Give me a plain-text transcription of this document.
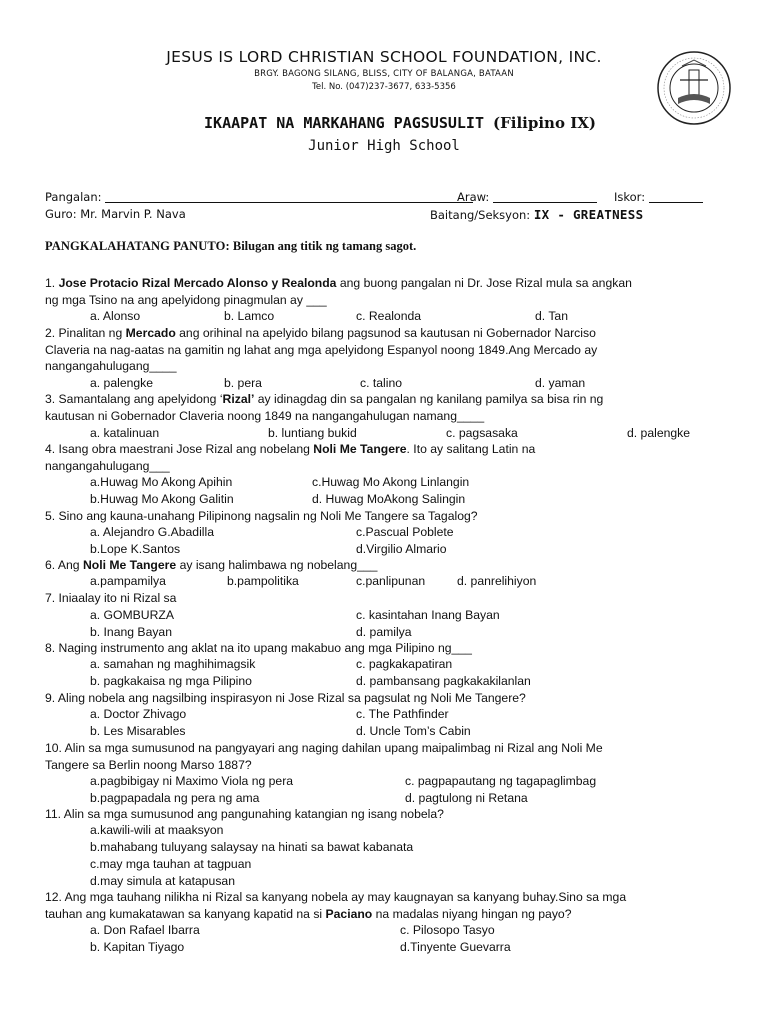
JESUS IS LORD CHRISTIAN SCHOOL FOUNDATION, INC.
BRGY. BAGONG SILANG, BLISS, CITY OF BALANGA, BATAAN
Tel. No. (047)237-3677, 633-5356
IKAAPAT NA MARKAHANG PAGSUSULIT (Filipino IX)
Junior High School
Pangalan:	Araw:	Iskor:
Guro: Mr. Marvin P. Nava	Baitang/Seksyon: IX - GREATNESS
PANGKALAHATANG PANUTO: Bilugan ang titik ng tamang sagot.
1. Jose Protacio Rizal Mercado Alonso y Realonda ang buong pangalan ni Dr. Jose Rizal mula sa angkan
ng mga Tsino na ang apelyidong pinagmulan ay ___
a. Alonso	b. Lamco	c. Realonda	d. Tan
2. Pinalitan ng Mercado ang orihinal na apelyido bilang pagsunod sa kautusan ni Gobernador Narciso
Claveria na nag-aatas na gamitin ng lahat ang mga apelyidong Espanyol noong 1849.Ang Mercado ay
nangangahulugang____
a. palengke	b. pera	c. talino	d. yaman
3. Samantalang ang apelyidong ‘Rizal’ ay idinagdag din sa pangalan ng kanilang pamilya sa bisa rin ng
kautusan ni Gobernador Claveria noong 1849 na nangangahulugan namang____
a. katalinuan	b. luntiang bukid	c. pagsasaka	d. palengke
4. Isang obra maestrani Jose Rizal ang nobelang Noli Me Tangere. Ito ay salitang Latin na
nangangahulugang___
a.Huwag Mo Akong Apihin	c.Huwag Mo Akong Linlangin
b.Huwag Mo Akong Galitin	d. Huwag MoAkong Salingin
5. Sino ang kauna-unahang Pilipinong nagsalin ng Noli Me Tangere sa Tagalog?
a. Alejandro G.Abadilla	c.Pascual Poblete
b.Lope K.Santos	d.Virgilio Almario
6. Ang Noli Me Tangere ay isang halimbawa ng nobelang___
a.pampamilya	b.pampolitika	c.panlipunan	d. panrelihiyon
7. Iniaalay ito ni Rizal sa
a. GOMBURZA	c. kasintahan Inang Bayan
b. Inang Bayan	d. pamilya
8. Naging instrumento ang aklat na ito upang makabuo ang mga Pilipino ng___
a. samahan ng maghihimagsik	c. pagkakapatiran
b. pagkakaisa ng mga Pilipino	d. pambansang pagkakakilanlan
9. Aling nobela ang nagsilbing inspirasyon ni Jose Rizal sa pagsulat ng Noli Me Tangere?
a. Doctor Zhivago	c. The Pathfinder
b. Les Misarables	d. Uncle Tom’s Cabin
10. Alin sa mga sumusunod na pangyayari ang naging dahilan upang maipalimbag ni Rizal ang Noli Me
Tangere sa Berlin noong Marso 1887?
a.pagbibigay ni Maximo Viola ng pera	c. pagpapautang ng tagapaglimbag
b.pagpapadala ng pera ng ama	d. pagtulong ni Retana
11. Alin sa mga sumusunod ang pangunahing katangian ng isang nobela?
a.kawili-wili at maaksyon
b.mahabang tuluyang salaysay na hinati sa bawat kabanata
c.may mga tauhan at tagpuan
d.may simula at katapusan
12. Ang mga tauhang nilikha ni Rizal sa kanyang nobela ay may kaugnayan sa kanyang buhay.Sino sa mga
tauhan ang kumakatawan sa kanyang kapatid na si Paciano na madalas niyang hingan ng payo?
a. Don Rafael Ibarra	c. Pilosopo Tasyo
b. Kapitan Tiyago	d.Tinyente Guevarra
